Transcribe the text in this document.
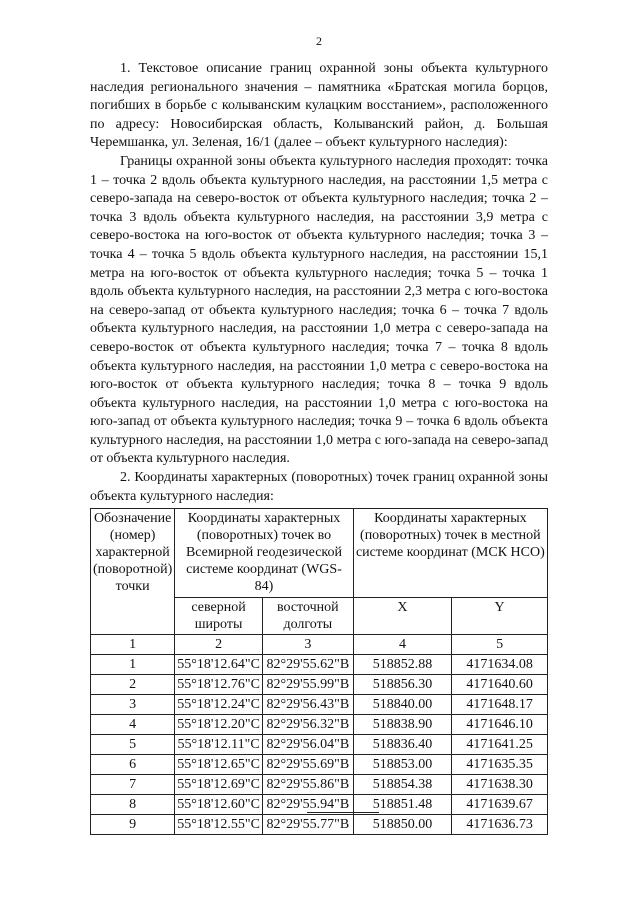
2

1. Текстовое описание границ охранной зоны объекта культурного наследия регионального значения – памятника «Братская могила борцов, погибших в борьбе с колыванским кулацким восстанием», расположенного по адресу: Новосибирская область, Колыванский район, д. Большая Черемшанка, ул. Зеленая, 16/1 (далее – объект культурного наследия):

Границы охранной зоны объекта культурного наследия проходят: точка 1 – точка 2 вдоль объекта культурного наследия, на расстоянии 1,5 метра с северо-запада на северо-восток от объекта культурного наследия; точка 2 – точка 3 вдоль объекта культурного наследия, на расстоянии 3,9 метра с северо-востока на юго-восток от объекта культурного наследия; точка 3 – точка 4 – точка 5 вдоль объекта культурного наследия, на расстоянии 15,1 метра на юго-восток от объекта культурного наследия; точка 5 – точка 1 вдоль объекта культурного наследия, на расстоянии 2,3 метра с юго-востока на северо-запад от объекта культурного наследия; точка 6 – точка 7 вдоль объекта культурного наследия, на расстоянии 1,0 метра с северо-запада на северо-восток от объекта культурного наследия; точка 7 – точка 8 вдоль объекта культурного наследия, на расстоянии 1,0 метра с северо-востока на юго-восток от объекта культурного наследия; точка 8 – точка 9 вдоль объекта культурного наследия, на расстоянии 1,0 метра с юго-востока на юго-запад от объекта культурного наследия; точка 9 – точка 6 вдоль объекта культурного наследия, на расстоянии 1,0 метра с юго-запада на северо-запад от объекта культурного наследия.

2. Координаты характерных (поворотных) точек границ охранной зоны объекта культурного наследия:

Обозначение (номер) характерной (поворотной) точки	Координаты характерных (поворотных) точек во Всемирной геодезической системе координат (WGS-84)		Координаты характерных (поворотных) точек в местной системе координат (МСК НСО)	
	северной широты	восточной долготы	X	Y
1	2	3	4	5
1	55°18'12.64"С	82°29'55.62"В	518852.88	4171634.08
2	55°18'12.76"С	82°29'55.99"В	518856.30	4171640.60
3	55°18'12.24"С	82°29'56.43"В	518840.00	4171648.17
4	55°18'12.20"С	82°29'56.32"В	518838.90	4171646.10
5	55°18'12.11"С	82°29'56.04"В	518836.40	4171641.25
6	55°18'12.65"С	82°29'55.69"В	518853.00	4171635.35
7	55°18'12.69"С	82°29'55.86"В	518854.38	4171638.30
8	55°18'12.60"С	82°29'55.94"В	518851.48	4171639.67
9	55°18'12.55"С	82°29'55.77"В	518850.00	4171636.73
